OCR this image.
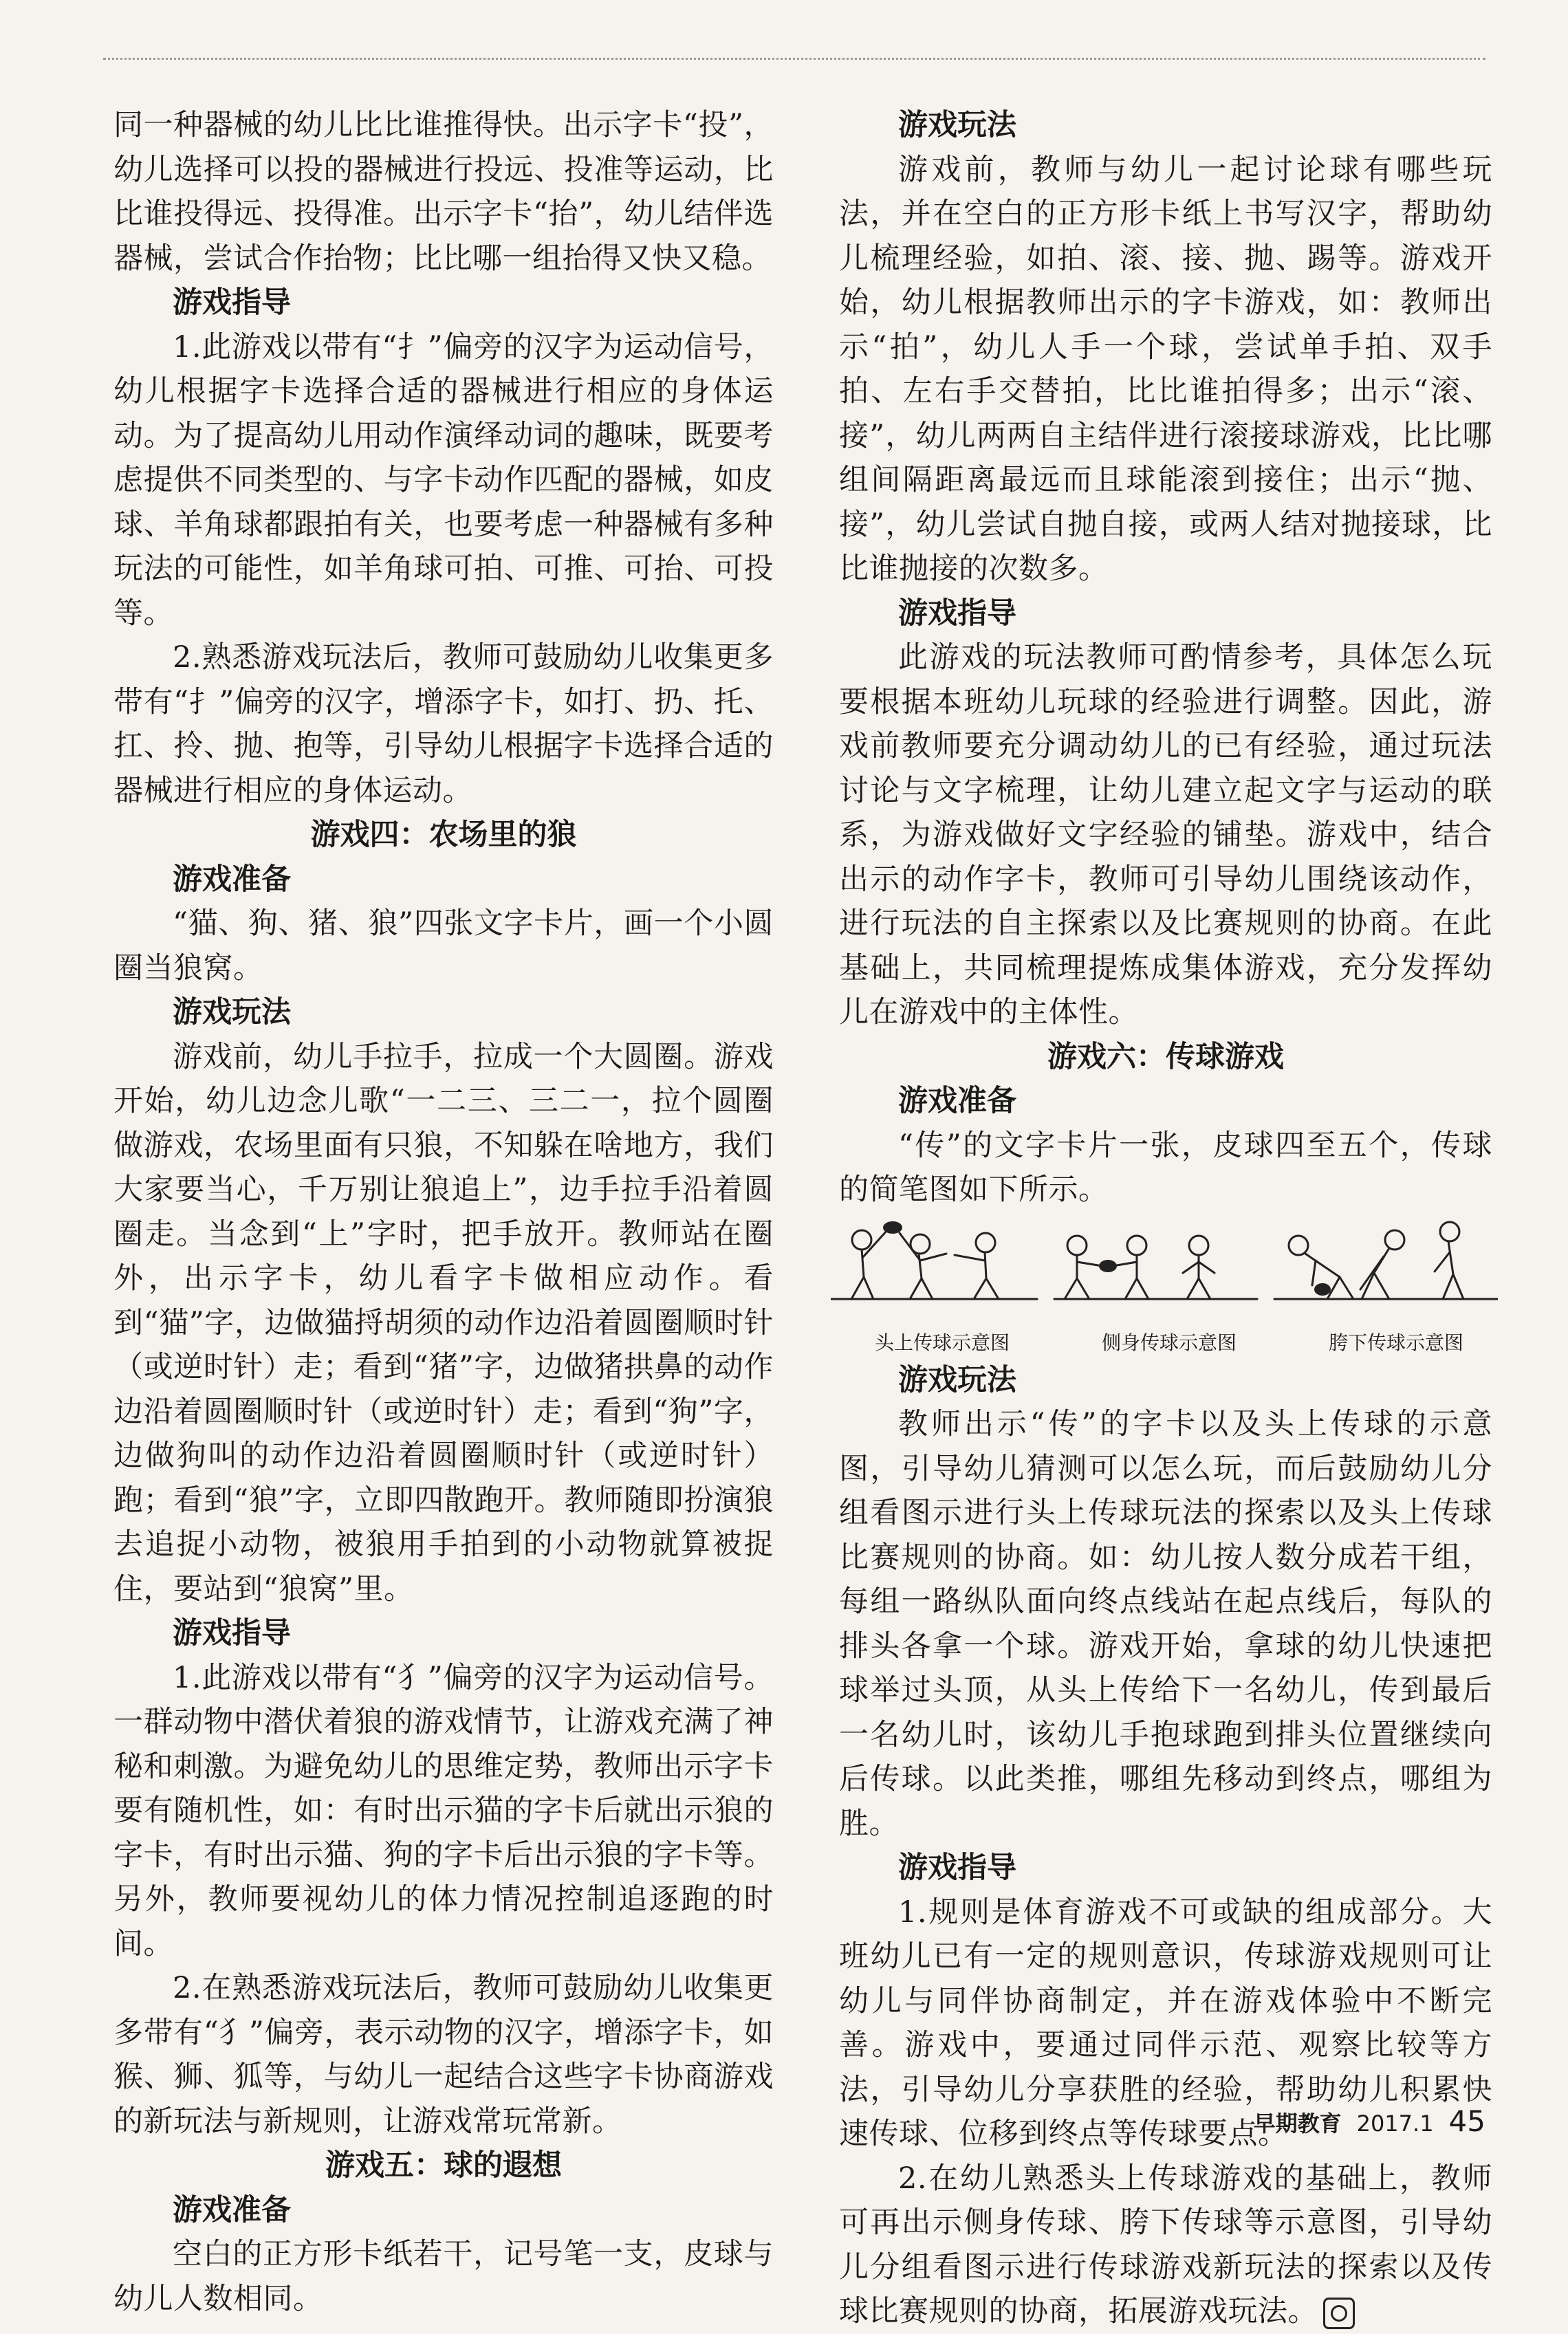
同一种器械的幼儿比比谁推得快。出示字卡“投”，幼儿选择可以投的器械进行投远、投准等运动，比比谁投得远、投得准。出示字卡“抬”，幼儿结伴选器械，尝试合作抬物；比比哪一组抬得又快又稳。

游戏指导

1.此游戏以带有“扌”偏旁的汉字为运动信号，幼儿根据字卡选择合适的器械进行相应的身体运动。为了提高幼儿用动作演绎动词的趣味，既要考虑提供不同类型的、与字卡动作匹配的器械，如皮球、羊角球都跟拍有关，也要考虑一种器械有多种玩法的可能性，如羊角球可拍、可推、可抬、可投等。

2.熟悉游戏玩法后，教师可鼓励幼儿收集更多带有“扌”偏旁的汉字，增添字卡，如打、扔、托、扛、拎、抛、抱等，引导幼儿根据字卡选择合适的器械进行相应的身体运动。

游戏四：农场里的狼
游戏准备

“猫、狗、猪、狼”四张文字卡片，画一个小圆圈当狼窝。

游戏玩法

游戏前，幼儿手拉手，拉成一个大圆圈。游戏开始，幼儿边念儿歌“一二三、三二一，拉个圆圈做游戏，农场里面有只狼，不知躲在啥地方，我们大家要当心，千万别让狼追上”，边手拉手沿着圆圈走。当念到“上”字时，把手放开。教师站在圈外，出示字卡，幼儿看字卡做相应动作。看到“猫”字，边做猫捋胡须的动作边沿着圆圈顺时针（或逆时针）走；看到“猪”字，边做猪拱鼻的动作边沿着圆圈顺时针（或逆时针）走；看到“狗”字，边做狗叫的动作边沿着圆圈顺时针（或逆时针）跑；看到“狼”字，立即四散跑开。教师随即扮演狼去追捉小动物，被狼用手拍到的小动物就算被捉住，要站到“狼窝”里。

游戏指导

1.此游戏以带有“犭”偏旁的汉字为运动信号。一群动物中潜伏着狼的游戏情节，让游戏充满了神秘和刺激。为避免幼儿的思维定势，教师出示字卡要有随机性，如：有时出示猫的字卡后就出示狼的字卡，有时出示猫、狗的字卡后出示狼的字卡等。另外，教师要视幼儿的体力情况控制追逐跑的时间。

2.在熟悉游戏玩法后，教师可鼓励幼儿收集更多带有“犭”偏旁，表示动物的汉字，增添字卡，如猴、狮、狐等，与幼儿一起结合这些字卡协商游戏的新玩法与新规则，让游戏常玩常新。

游戏五：球的遐想
游戏准备

空白的正方形卡纸若干，记号笔一支，皮球与幼儿人数相同。

游戏玩法

游戏前，教师与幼儿一起讨论球有哪些玩法，并在空白的正方形卡纸上书写汉字，帮助幼儿梳理经验，如拍、滚、接、抛、踢等。游戏开始，幼儿根据教师出示的字卡游戏，如：教师出示“拍”，幼儿人手一个球，尝试单手拍、双手拍、左右手交替拍，比比谁拍得多；出示“滚、接”，幼儿两两自主结伴进行滚接球游戏，比比哪组间隔距离最远而且球能滚到接住；出示“抛、接”，幼儿尝试自抛自接，或两人结对抛接球，比比谁抛接的次数多。

游戏指导

此游戏的玩法教师可酌情参考，具体怎么玩要根据本班幼儿玩球的经验进行调整。因此，游戏前教师要充分调动幼儿的已有经验，通过玩法讨论与文字梳理，让幼儿建立起文字与运动的联系，为游戏做好文字经验的铺垫。游戏中，结合出示的动作字卡，教师可引导幼儿围绕该动作，进行玩法的自主探索以及比赛规则的协商。在此基础上，共同梳理提炼成集体游戏，充分发挥幼儿在游戏中的主体性。

游戏六：传球游戏
游戏准备

“传”的文字卡片一张，皮球四至五个，传球的简笔图如下所示。

头上传球示意图	侧身传球示意图	胯下传球示意图
游戏玩法

教师出示“传”的字卡以及头上传球的示意图，引导幼儿猜测可以怎么玩，而后鼓励幼儿分组看图示进行头上传球玩法的探索以及头上传球比赛规则的协商。如：幼儿按人数分成若干组，每组一路纵队面向终点线站在起点线后，每队的排头各拿一个球。游戏开始，拿球的幼儿快速把球举过头顶，从头上传给下一名幼儿，传到最后一名幼儿时，该幼儿手抱球跑到排头位置继续向后传球。以此类推，哪组先移动到终点，哪组为胜。

游戏指导

1.规则是体育游戏不可或缺的组成部分。大班幼儿已有一定的规则意识，传球游戏规则可让幼儿与同伴协商制定，并在游戏体验中不断完善。游戏中，要通过同伴示范、观察比较等方法，引导幼儿分享获胜的经验，帮助幼儿积累快速传球、位移到终点等传球要点。

2.在幼儿熟悉头上传球游戏的基础上，教师可再出示侧身传球、胯下传球等示意图，引导幼儿分组看图示进行传球游戏新玩法的探索以及传球比赛规则的协商，拓展游戏玩法。

早期教育 2017.1 45
